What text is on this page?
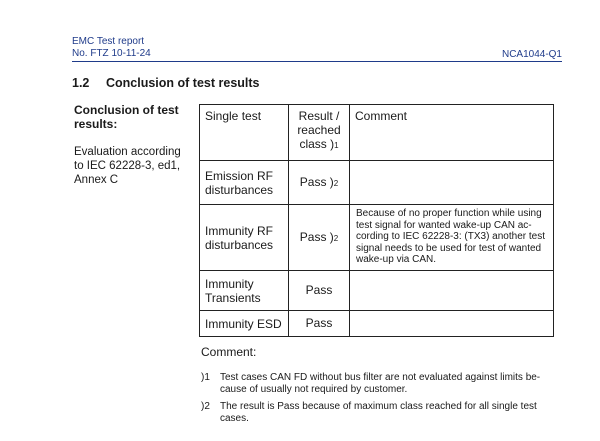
EMC Test report
No. FTZ 10-11-24	NCA1044-Q1
1.2 Conclusion of test results
Conclusion of test results:
Evaluation according to IEC 62228-3, ed1, Annex C
Single test	Result / reached class )1	Comment
Emission RF disturbances	Pass )2	
Immunity RF disturbances	Pass )2	Because of no proper function while using test signal for wanted wake-up CAN ac-cording to IEC 62228-3: (TX3) another test signal needs to be used for test of wanted wake-up via CAN.
Immunity Transients	Pass	
Immunity ESD	Pass	
Comment:
)1 Test cases CAN FD without bus filter are not evaluated against limits be-cause of usually not required by customer.
)2 The result is Pass because of maximum class reached for all single test cases.
